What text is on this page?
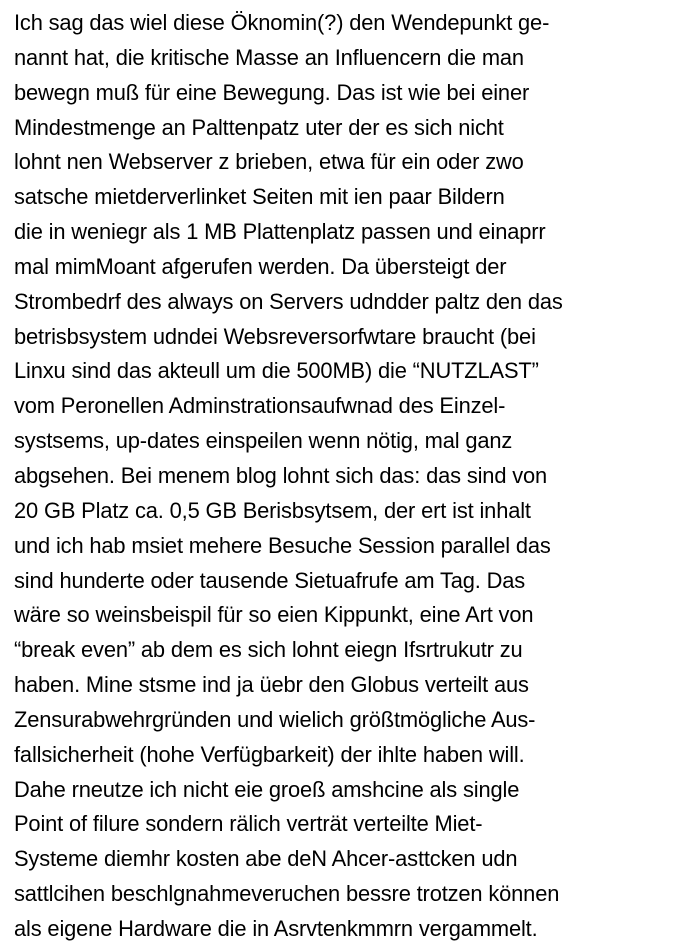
Ich sag das wiel diese Öknomin(?) den Wendepunkt ge-
nannt hat, die kritische Masse an Influencern die man
bewegn muß für eine Bewegung. Das ist wie bei einer
Mindestmenge an Palttenpatz uter der es sich nicht
lohnt nen Webserver z brieben, etwa für ein oder zwo
satsche mietderverlinket Seiten mit ien paar Bildern
die in weniegr als 1 MB Plattenplatz passen und einaprr
mal mimMoant afgerufen werden. Da übersteigt der
Strombedrf des always on Servers udndder paltz den das
betrisbsystem udndei Websreversorfwtare braucht (bei
Linxu sind das akteull um die 500MB) die “NUTZLAST”
vom Peronellen Adminstrationsaufwnad des Einzel-
systsems, up-dates einspeilen wenn nötig, mal ganz
abgsehen. Bei menem blog lohnt sich das: das sind von
20 GB Platz ca. 0,5 GB Berisbsytsem, der ert ist inhalt
und ich hab msiet mehere Besuche Session parallel das
sind hunderte oder tausende Sietuafrufe am Tag. Das
wäre so weinsbeispil für so eien Kippunkt, eine Art von
“break even” ab dem es sich lohnt eiegn Ifsrtrukutr zu
haben. Mine stsme ind ja üebr den Globus verteilt aus
Zensurabwehrgründen und wielich größtmögliche Aus-
fallsicherheit (hohe Verfügbarkeit) der ihlte haben will.
Dahe rneutze ich nicht eie groeß amshcine als single
Point of filure sondern rälich verträt verteilte Miet-
Systeme diemhr kosten abe deN Ahcer-asttcken udn
sattlcihen beschlgnahmeveruchen bessre trotzen können
als eigene Hardware die in Asrvtenkmmrn vergammelt.
